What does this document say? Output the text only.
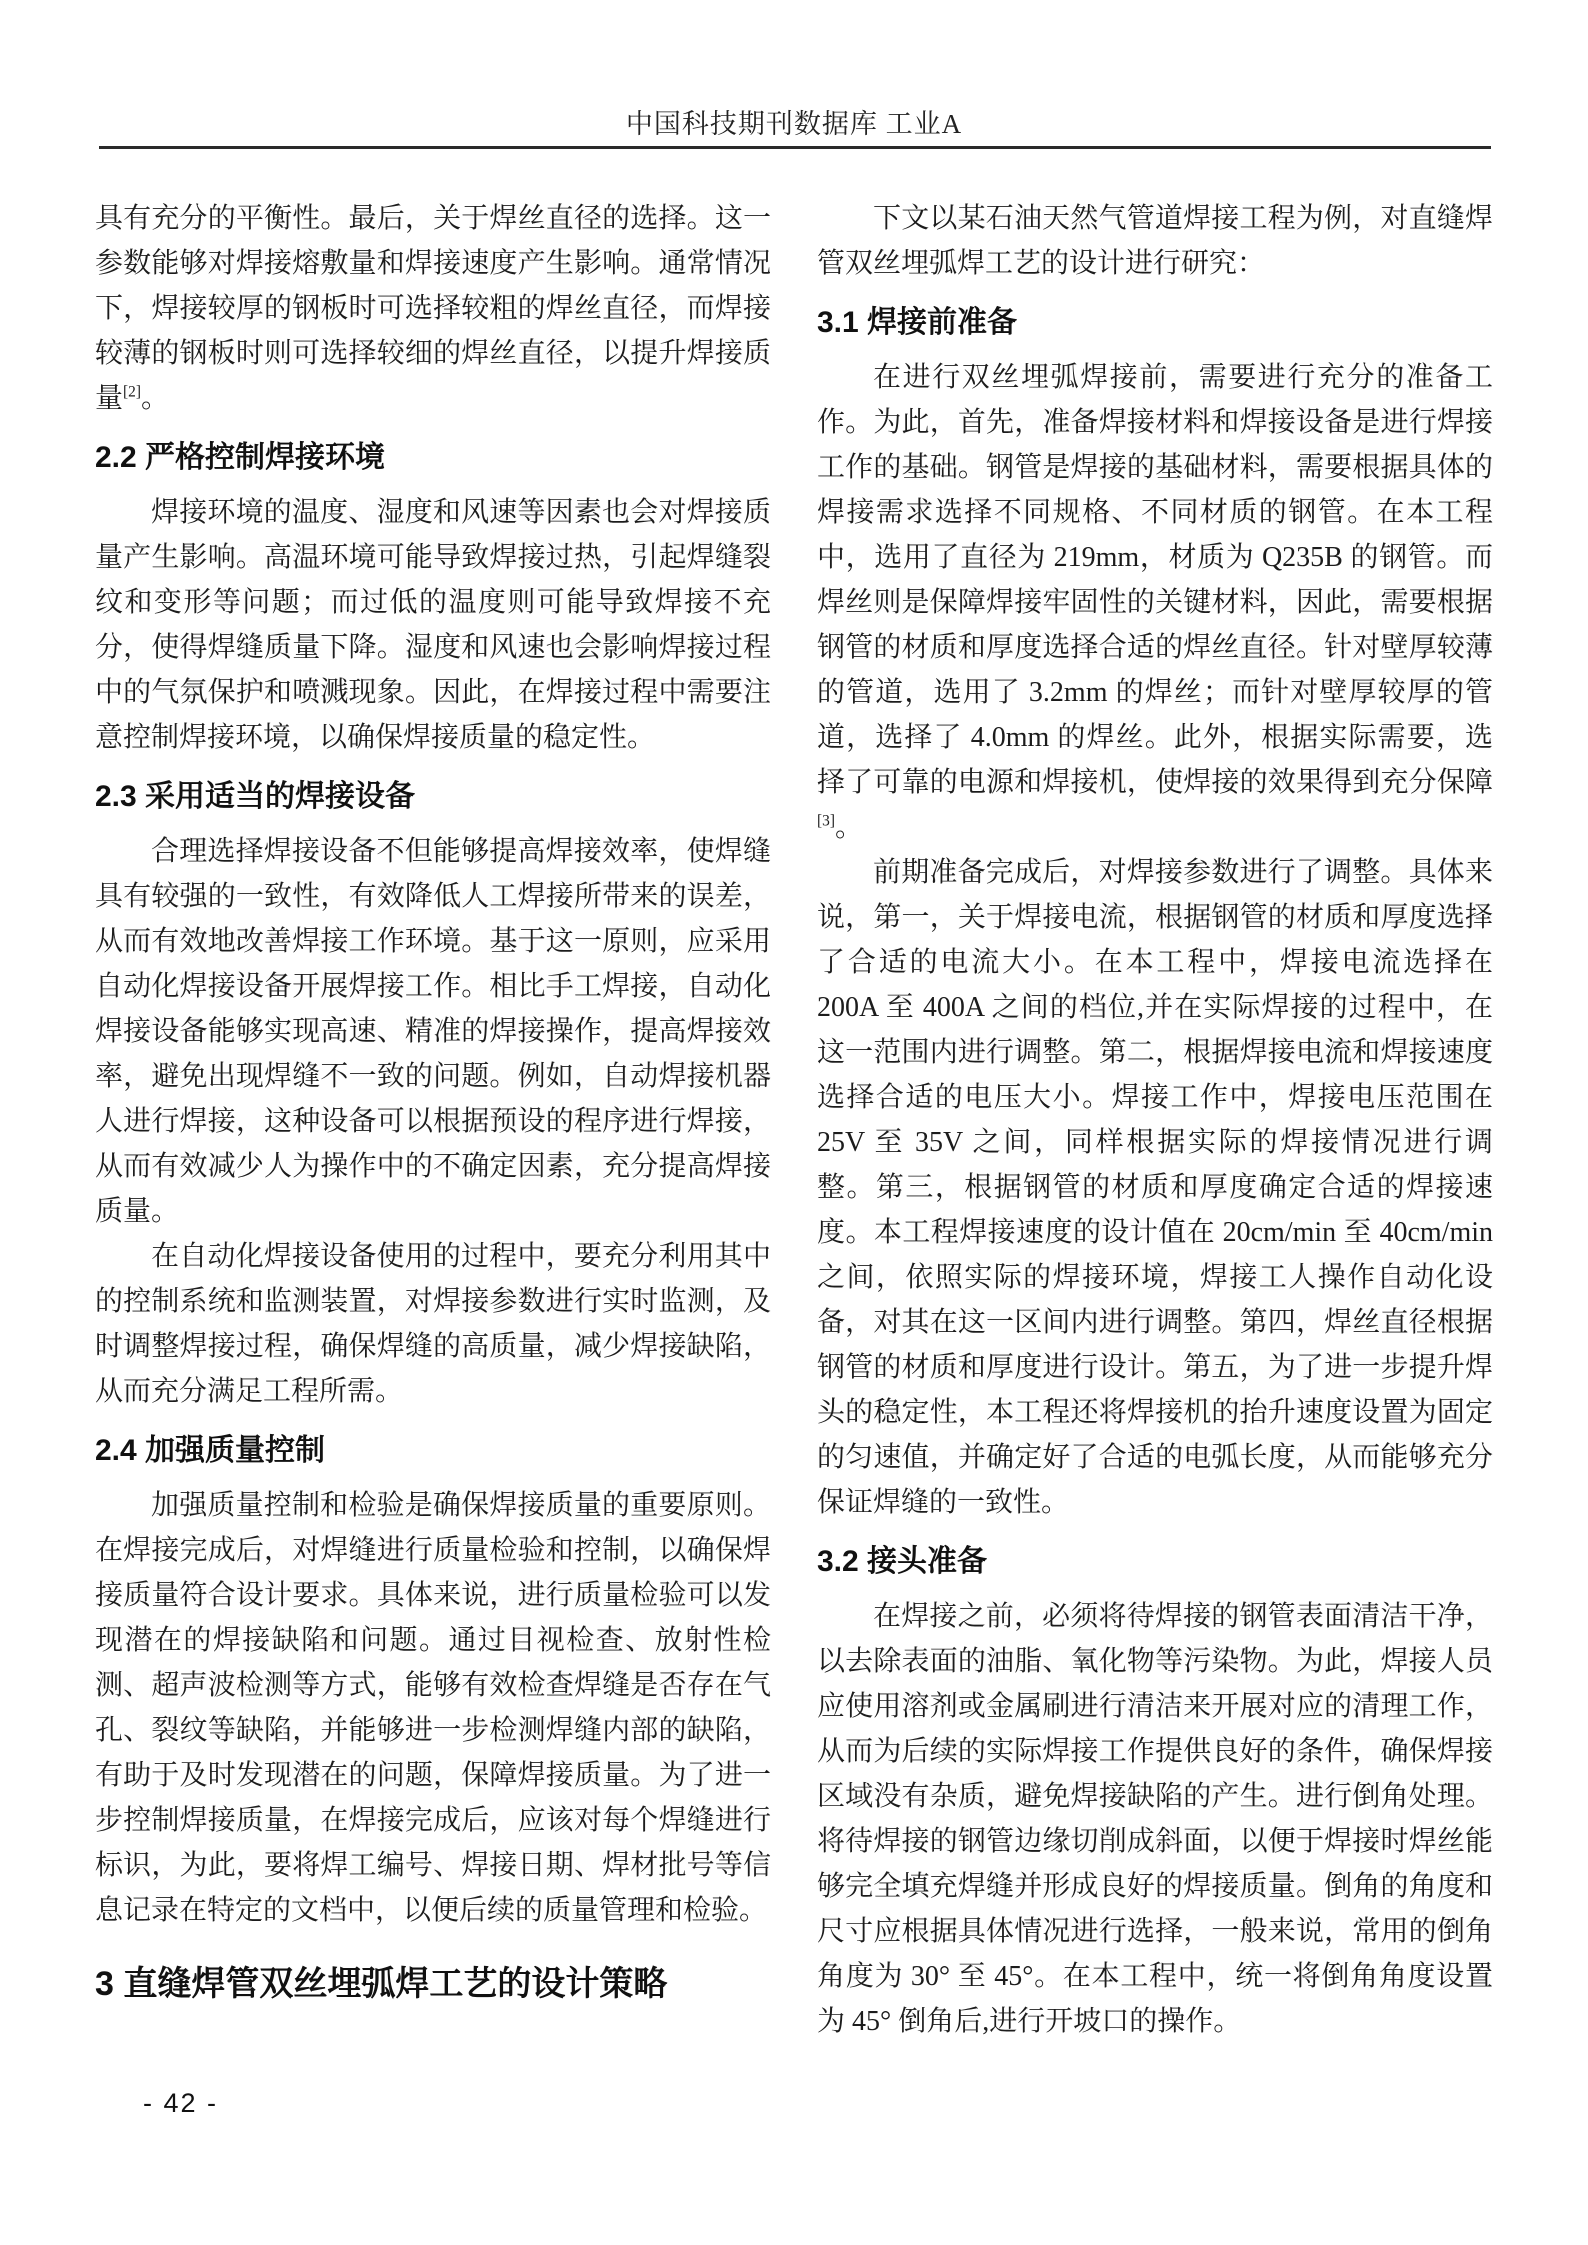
中国科技期刊数据库 工业A

具有充分的平衡性。最后，关于焊丝直径的选择。这一参数能够对焊接熔敷量和焊接速度产生影响。通常情况下，焊接较厚的钢板时可选择较粗的焊丝直径，而焊接较薄的钢板时则可选择较细的焊丝直径，以提升焊接质量[2]。

2.2 严格控制焊接环境

焊接环境的温度、湿度和风速等因素也会对焊接质量产生影响。高温环境可能导致焊接过热，引起焊缝裂纹和变形等问题；而过低的温度则可能导致焊接不充分，使得焊缝质量下降。湿度和风速也会影响焊接过程中的气氛保护和喷溅现象。因此，在焊接过程中需要注意控制焊接环境，以确保焊接质量的稳定性。

2.3 采用适当的焊接设备

合理选择焊接设备不但能够提高焊接效率，使焊缝具有较强的一致性，有效降低人工焊接所带来的误差，从而有效地改善焊接工作环境。基于这一原则，应采用自动化焊接设备开展焊接工作。相比手工焊接，自动化焊接设备能够实现高速、精准的焊接操作，提高焊接效率，避免出现焊缝不一致的问题。例如，自动焊接机器人进行焊接，这种设备可以根据预设的程序进行焊接，从而有效减少人为操作中的不确定因素，充分提高焊接质量。

在自动化焊接设备使用的过程中，要充分利用其中的控制系统和监测装置，对焊接参数进行实时监测，及时调整焊接过程，确保焊缝的高质量，减少焊接缺陷，从而充分满足工程所需。

2.4 加强质量控制

加强质量控制和检验是确保焊接质量的重要原则。在焊接完成后，对焊缝进行质量检验和控制，以确保焊接质量符合设计要求。具体来说，进行质量检验可以发现潜在的焊接缺陷和问题。通过目视检查、放射性检测、超声波检测等方式，能够有效检查焊缝是否存在气孔、裂纹等缺陷，并能够进一步检测焊缝内部的缺陷，有助于及时发现潜在的问题，保障焊接质量。为了进一步控制焊接质量，在焊接完成后，应该对每个焊缝进行标识，为此，要将焊工编号、焊接日期、焊材批号等信息记录在特定的文档中，以便后续的质量管理和检验。

3 直缝焊管双丝埋弧焊工艺的设计策略

下文以某石油天然气管道焊接工程为例，对直缝焊管双丝埋弧焊工艺的设计进行研究：

3.1 焊接前准备

在进行双丝埋弧焊接前，需要进行充分的准备工作。为此，首先，准备焊接材料和焊接设备是进行焊接工作的基础。钢管是焊接的基础材料，需要根据具体的焊接需求选择不同规格、不同材质的钢管。在本工程中，选用了直径为 219mm，材质为 Q235B 的钢管。而焊丝则是保障焊接牢固性的关键材料，因此，需要根据钢管的材质和厚度选择合适的焊丝直径。针对壁厚较薄的管道，选用了 3.2mm 的焊丝；而针对壁厚较厚的管道，选择了 4.0mm 的焊丝。此外，根据实际需要，选择了可靠的电源和焊接机，使焊接的效果得到充分保障[3]。

前期准备完成后，对焊接参数进行了调整。具体来说，第一，关于焊接电流，根据钢管的材质和厚度选择了合适的电流大小。在本工程中，焊接电流选择在 200A 至 400A 之间的档位,并在实际焊接的过程中，在这一范围内进行调整。第二，根据焊接电流和焊接速度选择合适的电压大小。焊接工作中，焊接电压范围在 25V 至 35V 之间，同样根据实际的焊接情况进行调整。第三，根据钢管的材质和厚度确定合适的焊接速度。本工程焊接速度的设计值在 20cm/min 至 40cm/min 之间，依照实际的焊接环境，焊接工人操作自动化设备，对其在这一区间内进行调整。第四，焊丝直径根据钢管的材质和厚度进行设计。第五，为了进一步提升焊头的稳定性，本工程还将焊接机的抬升速度设置为固定的匀速值，并确定好了合适的电弧长度，从而能够充分保证焊缝的一致性。

3.2 接头准备

在焊接之前，必须将待焊接的钢管表面清洁干净，以去除表面的油脂、氧化物等污染物。为此，焊接人员应使用溶剂或金属刷进行清洁来开展对应的清理工作，从而为后续的实际焊接工作提供良好的条件，确保焊接区域没有杂质，避免焊接缺陷的产生。进行倒角处理。将待焊接的钢管边缘切削成斜面，以便于焊接时焊丝能够完全填充焊缝并形成良好的焊接质量。倒角的角度和尺寸应根据具体情况进行选择，一般来说，常用的倒角角度为 30° 至 45°。在本工程中，统一将倒角角度设置为 45° 倒角后,进行开坡口的操作。

- 42 -
